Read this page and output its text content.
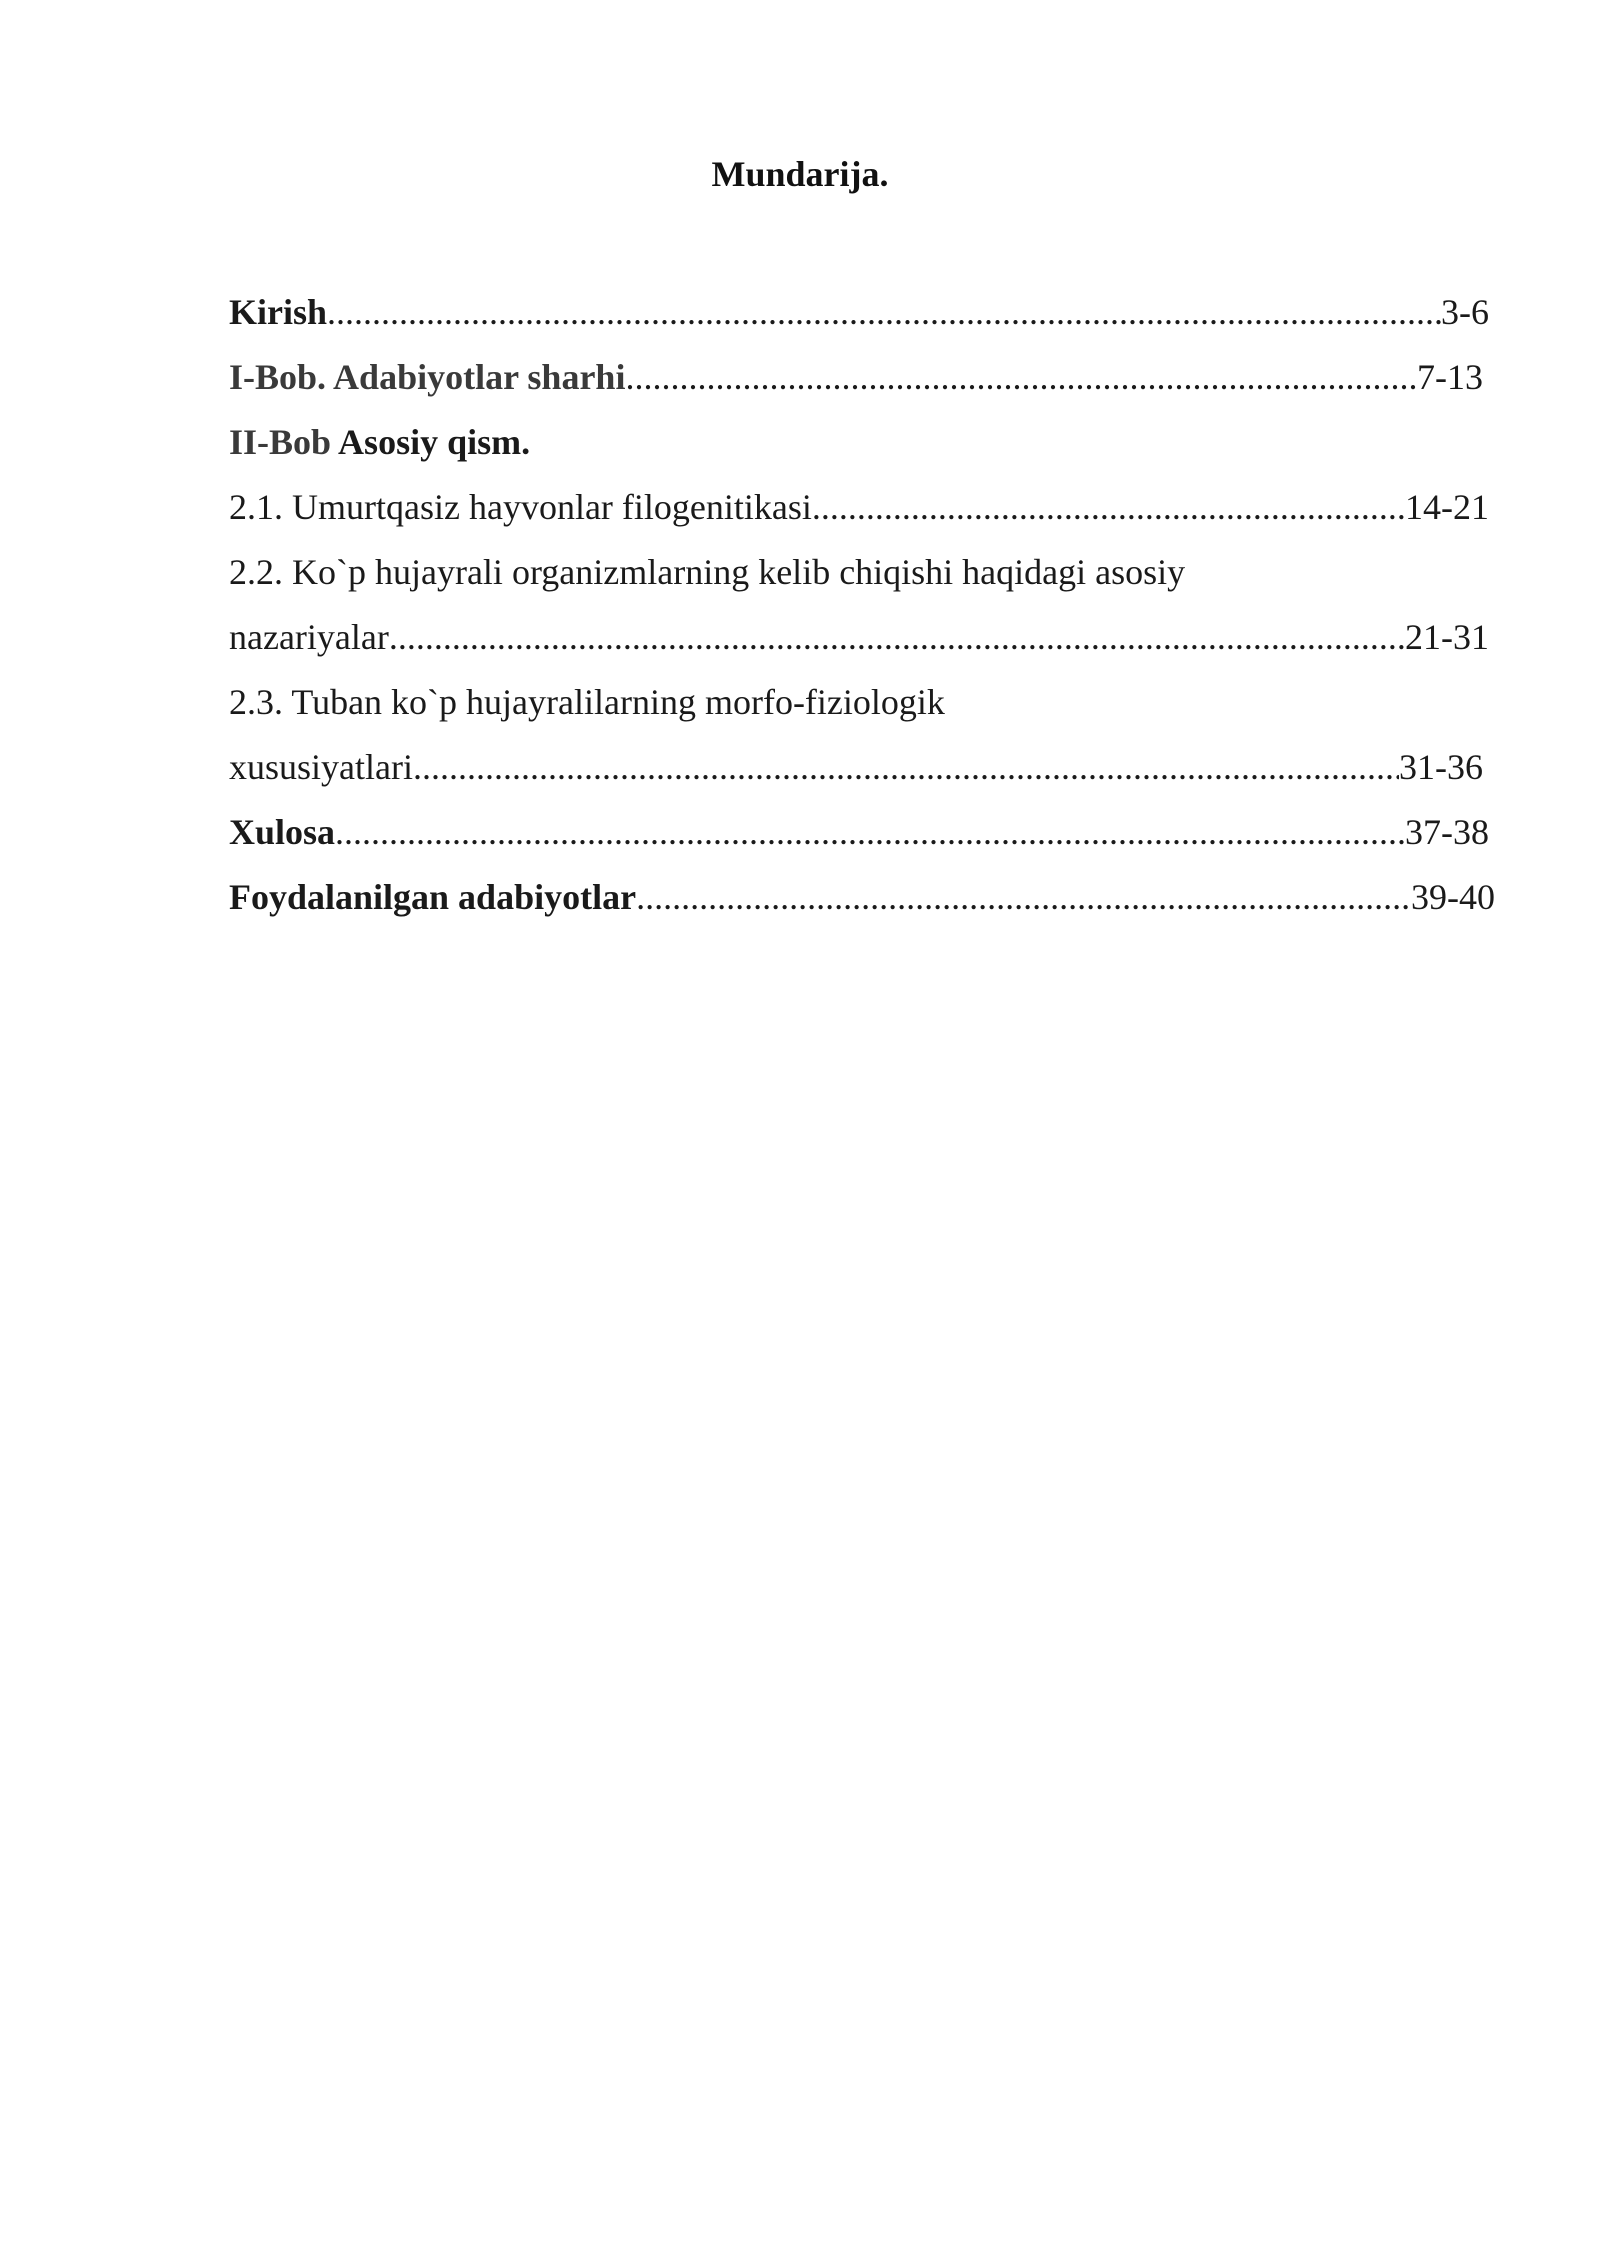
Mundarija.
Kirish .....	3-6
I-Bob. Adabiyotlar sharhi .....	7-13
II-Bob Asosiy qism.
2.1. Umurtqasiz hayvonlar filogenitikasi .....	14-21
2.2. Ko`p hujayrali organizmlarning kelib chiqishi haqidagi asosiy
nazariyalar .....	21-31
2.3. Tuban ko`p hujayralilarning morfo-fiziologik
xususiyatlari .....	31-36
Xulosa .....	37-38
Foydalanilgan adabiyotlar .....	39-40
